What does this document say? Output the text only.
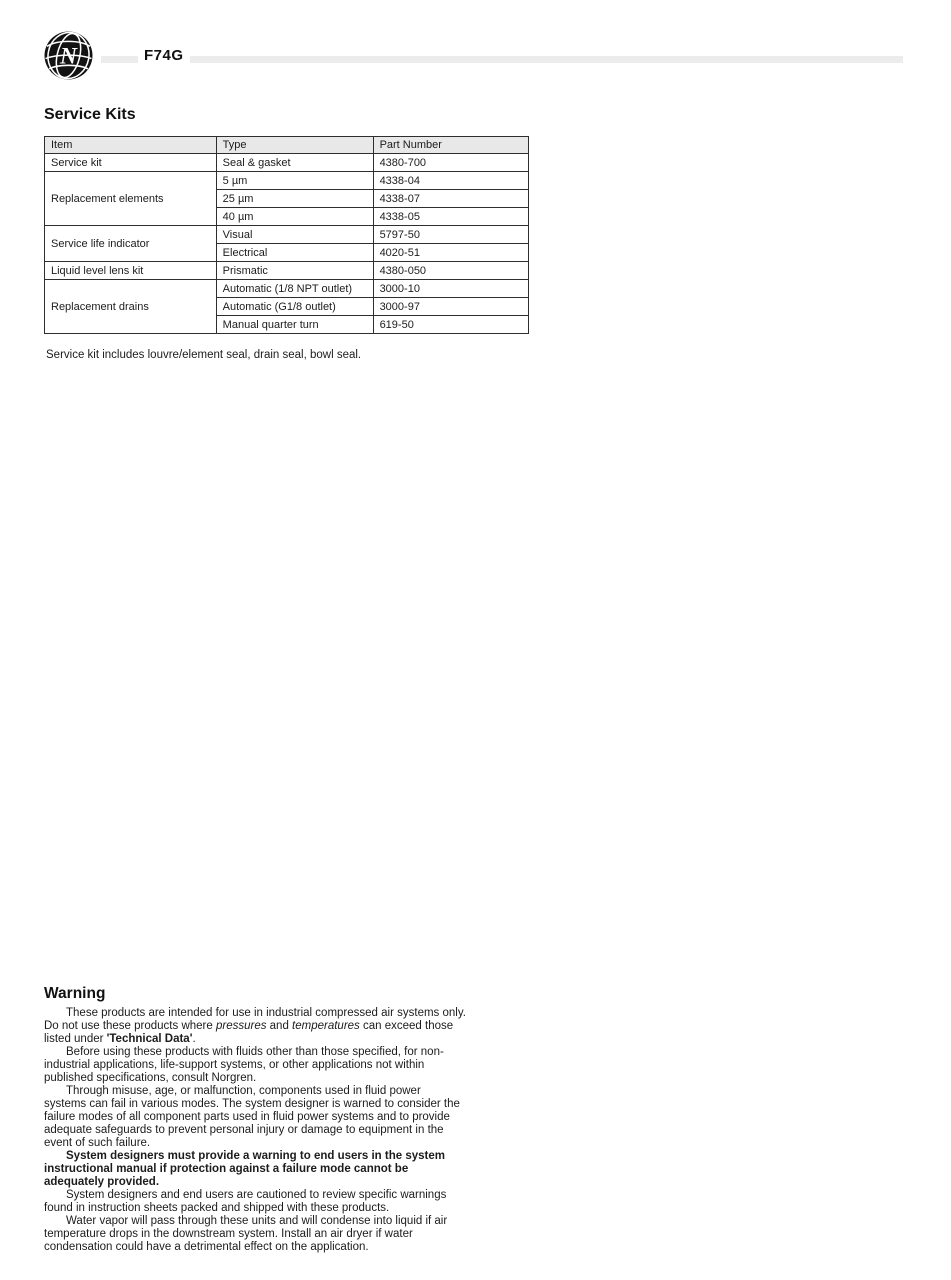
N	F74G
Service Kits
Item	Type	Part Number
Service kit	Seal & gasket	4380-700
Replacement elements	5 µm	4338-04
	25 µm	4338-07
	40 µm	4338-05
Service life indicator	Visual	5797-50
	Electrical	4020-51
Liquid level lens kit	Prismatic	4380-050
Replacement drains	Automatic (1/8 NPT outlet)	3000-10
	Automatic (G1/8 outlet)	3000-97
	Manual quarter turn	619-50
Service kit includes louvre/element seal, drain seal, bowl seal.
Warning

These products are intended for use in industrial compressed air systems only. Do not use these products where pressures and temperatures can exceed those listed under 'Technical Data'.

Before using these products with fluids other than those specified, for non-industrial applications, life-support systems, or other applications not within published specifications, consult Norgren.

Through misuse, age, or malfunction, components used in fluid power systems can fail in various modes. The system designer is warned to consider the failure modes of all component parts used in fluid power systems and to provide adequate safeguards to prevent personal injury or damage to equipment in the event of such failure.

System designers must provide a warning to end users in the system instructional manual if protection against a failure mode cannot be adequately provided.

System designers and end users are cautioned to review specific warnings found in instruction sheets packed and shipped with these products.

Water vapor will pass through these units and will condense into liquid if air temperature drops in the downstream system. Install an air dryer if water condensation could have a detrimental effect on the application.
